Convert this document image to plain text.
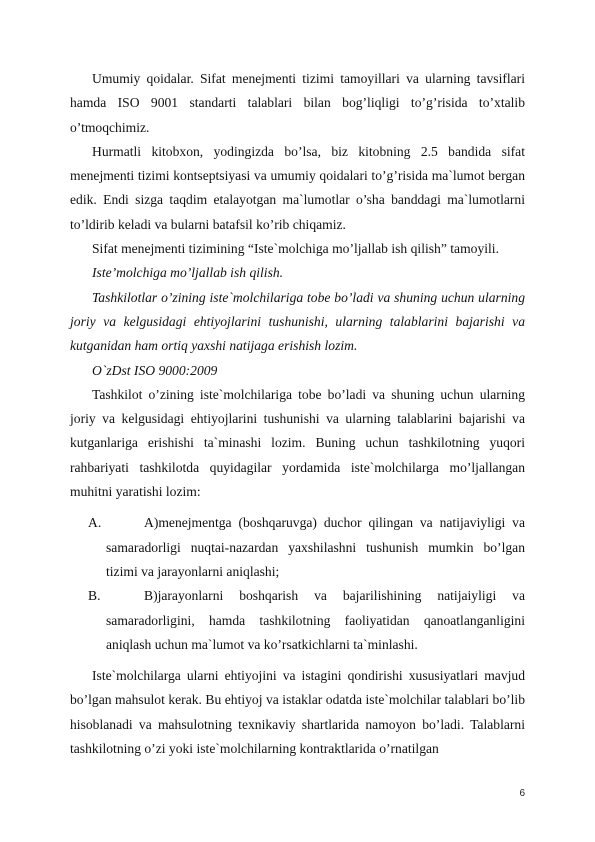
Umumiy qoidalar. Sifat menejmenti tizimi tamoyillari va ularning tavsiflari hamda ISO 9001 standarti talablari bilan bog’liqligi to’g’risida to’xtalib o’tmoqchimiz.

Hurmatli kitobxon, yodingizda bo’lsa, biz kitobning 2.5 bandida sifat menejmenti tizimi kontseptsiyasi va umumiy qoidalari to’g’risida ma`lumot bergan edik. Endi sizga taqdim etalayotgan ma`lumotlar o’sha banddagi ma`lumotlarni to’ldirib keladi va bularni batafsil ko’rib chiqamiz.

Sifat menejmenti tizimining “Iste`molchiga mo’ljallab ish qilish” tamoyili.

Iste’molchiga mo’ljallab ish qilish.

Tashkilotlar o’zining iste`molchilariga tobe bo’ladi va shuning uchun ularning joriy va kelgusidagi ehtiyojlarini tushunishi, ularning talablarini bajarishi va kutganidan ham ortiq yaxshi natijaga erishish lozim.

O`zDst ISO 9000:2009

Tashkilot o’zining iste`molchilariga tobe bo’ladi va shuning uchun ularning joriy va kelgusidagi ehtiyojlarini tushunishi va ularning talablarini bajarishi va kutganlariga erishishi ta`minashi lozim. Buning uchun tashkilotning yuqori rahbariyati tashkilotda quyidagilar yordamida iste`molchilarga mo’ljallangan muhitni yaratishi lozim:

A.	A)menejmentga (boshqaruvga) duchor qilingan va natijaviyligi va samaradorligi nuqtai-nazardan yaxshilashni tushunish mumkin bo’lgan tizimi va jarayonlarni aniqlashi;

B.	B)jarayonlarni boshqarish va bajarilishining natijaiyligi va samaradorligini, hamda tashkilotning faoliyatidan qanoatlanganligini aniqlash uchun ma`lumot va ko’rsatkichlarni ta`minlashi.

Iste`molchilarga ularni ehtiyojini va istagini qondirishi xususiyatlari mavjud bo’lgan mahsulot kerak. Bu ehtiyoj va istaklar odatda iste`molchilar talablari bo’lib hisoblanadi va mahsulotning texnikaviy shartlarida namoyon bo’ladi. Talablarni tashkilotning o’zi yoki iste`molchilarning kontraktlarida o’rnatilgan

6
